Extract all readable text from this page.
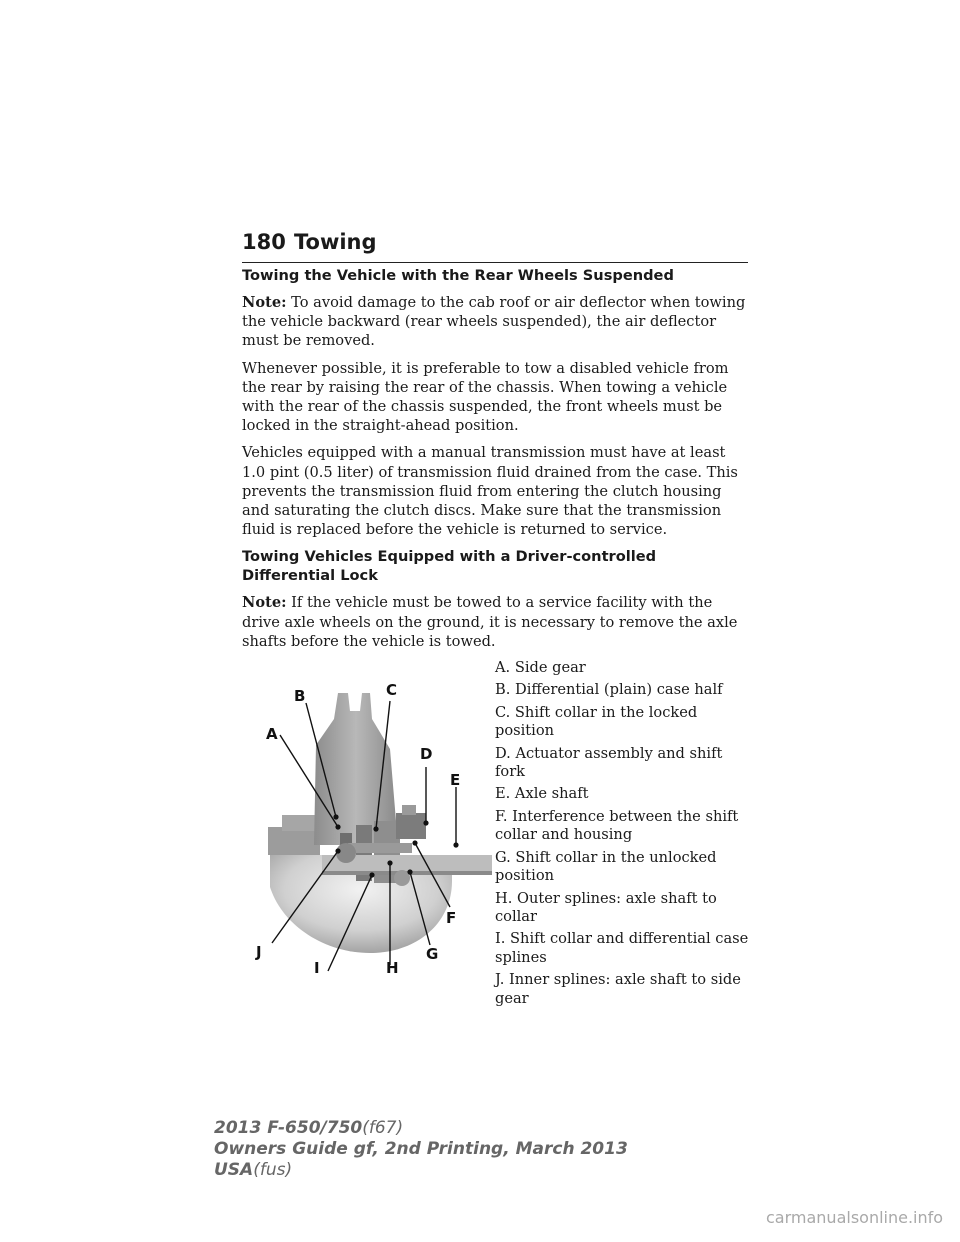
180 Towing
Towing the Vehicle with the Rear Wheels Suspended

Note: To avoid damage to the cab roof or air deflector when towing the vehicle backward (rear wheels suspended), the air deflector must be removed.

Whenever possible, it is preferable to tow a disabled vehicle from the rear by raising the rear of the chassis. When towing a vehicle with the rear of the chassis suspended, the front wheels must be locked in the straight-ahead position.

Vehicles equipped with a manual transmission must have at least 1.0 pint (0.5 liter) of transmission fluid drained from the case. This prevents the transmission fluid from entering the clutch housing and saturating the clutch discs. Make sure that the transmission fluid is replaced before the vehicle is returned to service.

Towing Vehicles Equipped with a Driver-controlled Differential Lock

Note: If the vehicle must be towed to a service facility with the drive axle wheels on the ground, it is necessary to remove the axle shafts before the vehicle is towed.

A
B	C
D
E
F
G
H
I
J
A. Side gear
B. Differential (plain) case half
C. Shift collar in the locked position
D. Actuator assembly and shift fork
E. Axle shaft
F. Interference between the shift collar and housing
G. Shift collar in the unlocked position
H. Outer splines: axle shaft to collar
I. Shift collar and differential case splines
J. Inner splines: axle shaft to side gear
2013 F-650/750(f67)
Owners Guide gf, 2nd Printing, March 2013
USA(fus)
carmanualsonline.info
